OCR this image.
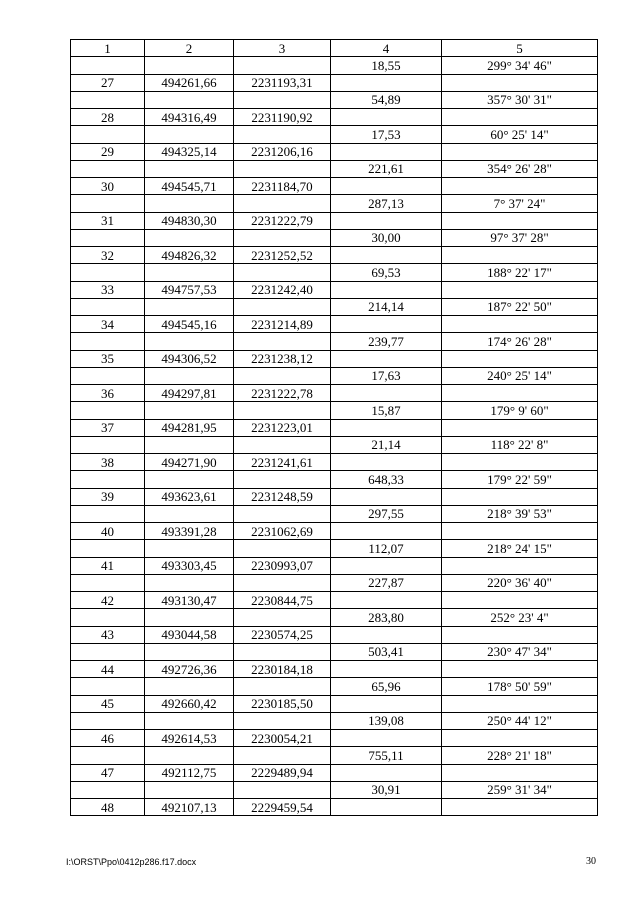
1	2	3	4	5
			18,55	299° 34' 46"
27	494261,66	2231193,31		
			54,89	357° 30' 31"
28	494316,49	2231190,92		
			17,53	60° 25' 14"
29	494325,14	2231206,16		
			221,61	354° 26' 28"
30	494545,71	2231184,70		
			287,13	7° 37' 24"
31	494830,30	2231222,79		
			30,00	97° 37' 28"
32	494826,32	2231252,52		
			69,53	188° 22' 17"
33	494757,53	2231242,40		
			214,14	187° 22' 50"
34	494545,16	2231214,89		
			239,77	174° 26' 28"
35	494306,52	2231238,12		
			17,63	240° 25' 14"
36	494297,81	2231222,78		
			15,87	179° 9' 60"
37	494281,95	2231223,01		
			21,14	118° 22' 8"
38	494271,90	2231241,61		
			648,33	179° 22' 59"
39	493623,61	2231248,59		
			297,55	218° 39' 53"
40	493391,28	2231062,69		
			112,07	218° 24' 15"
41	493303,45	2230993,07		
			227,87	220° 36' 40"
42	493130,47	2230844,75		
			283,80	252° 23' 4"
43	493044,58	2230574,25		
			503,41	230° 47' 34"
44	492726,36	2230184,18		
			65,96	178° 50' 59"
45	492660,42	2230185,50		
			139,08	250° 44' 12"
46	492614,53	2230054,21		
			755,11	228° 21' 18"
47	492112,75	2229489,94		
			30,91	259° 31' 34"
48	492107,13	2229459,54		
I:\ORST\Ppo\0412p286.f17.docx	30
